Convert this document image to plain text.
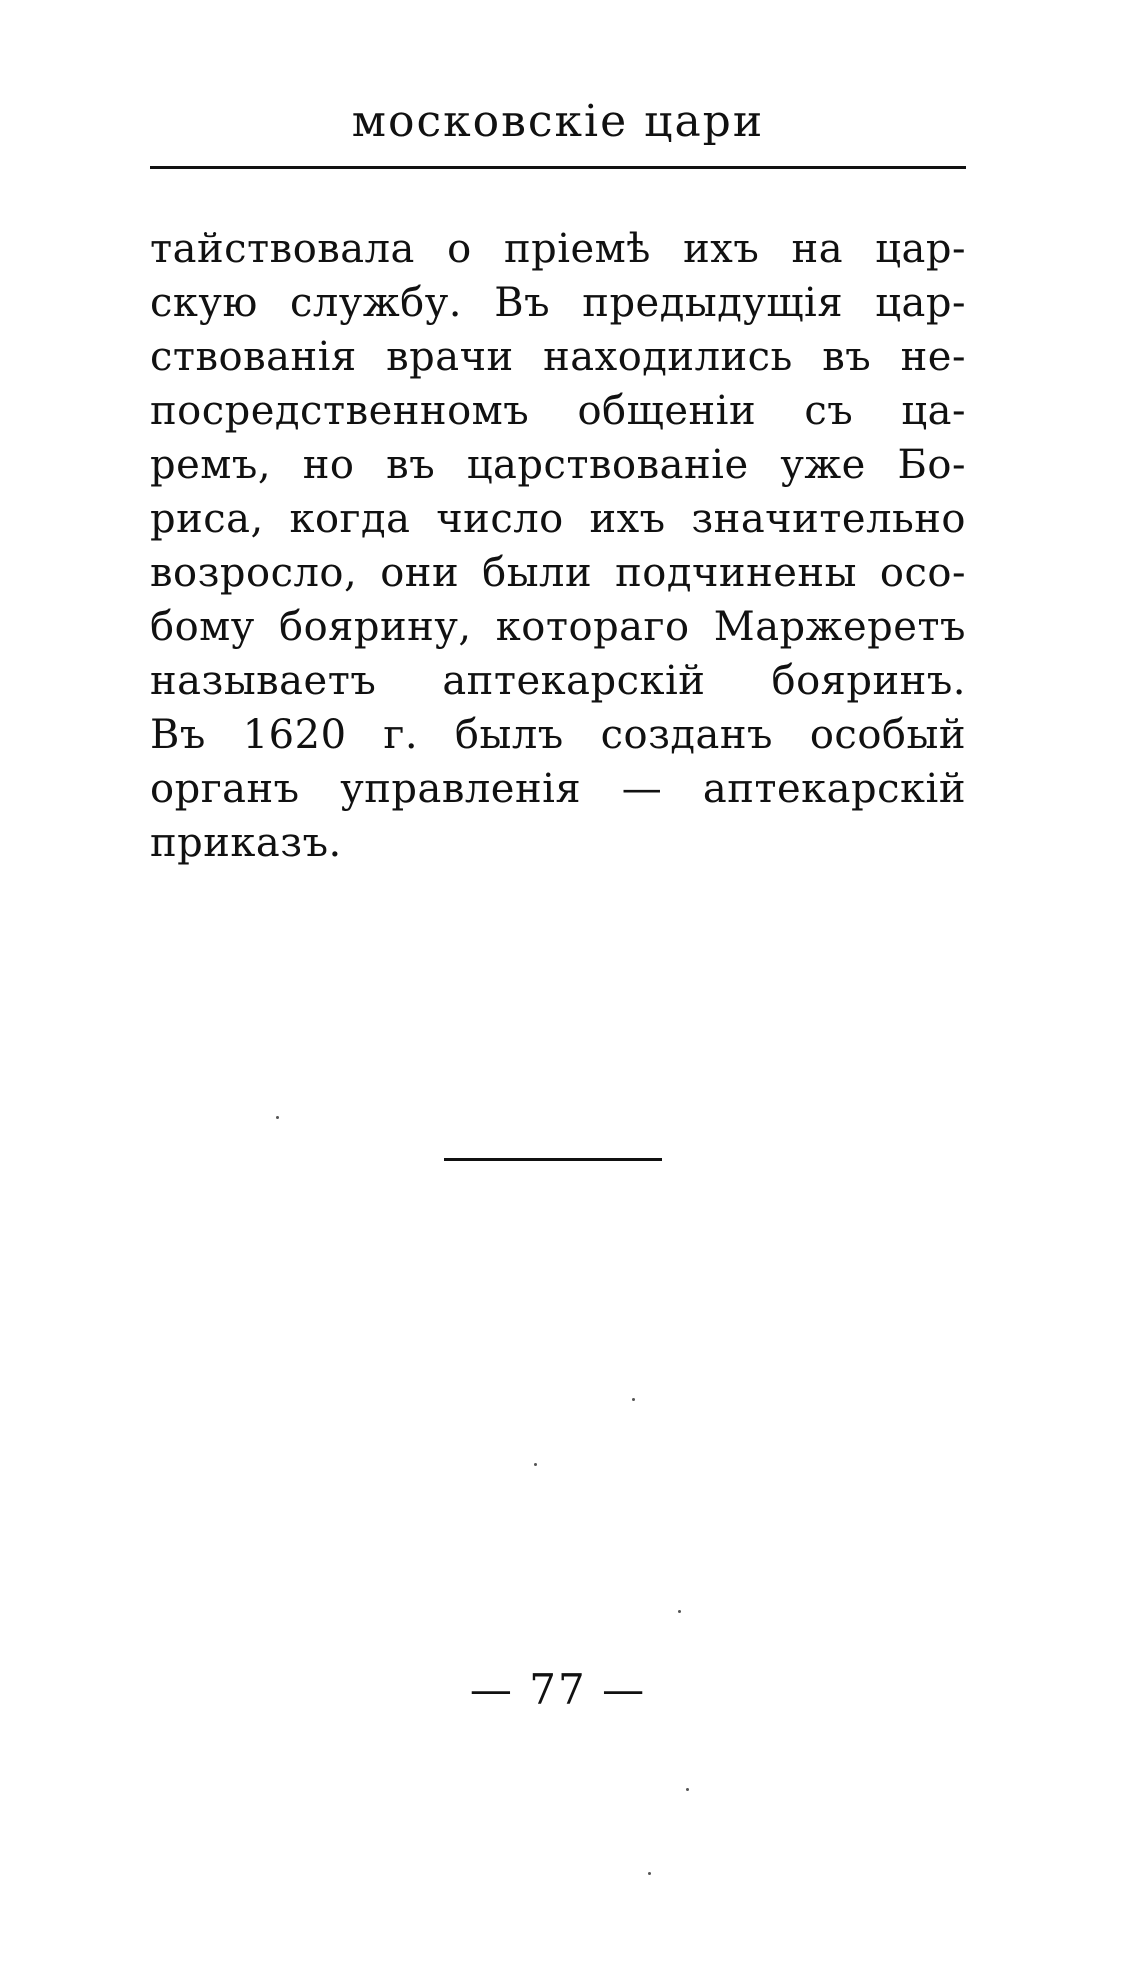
московскіе цари
тайствовала о пріемѣ ихъ на цар-
скую службу. Въ предыдущія цар-
ствованія врачи находились въ не-
посредственномъ общеніи съ ца-
ремъ, но въ царствованіе уже Бо-
риса, когда число ихъ значительно
возросло, они были подчинены осо-
бому боярину, котораго Маржеретъ
называетъ аптекарскій бояринъ.
Въ 1620 г. былъ созданъ особый
органъ управленія — аптекарскій
приказъ.
— 77 —
